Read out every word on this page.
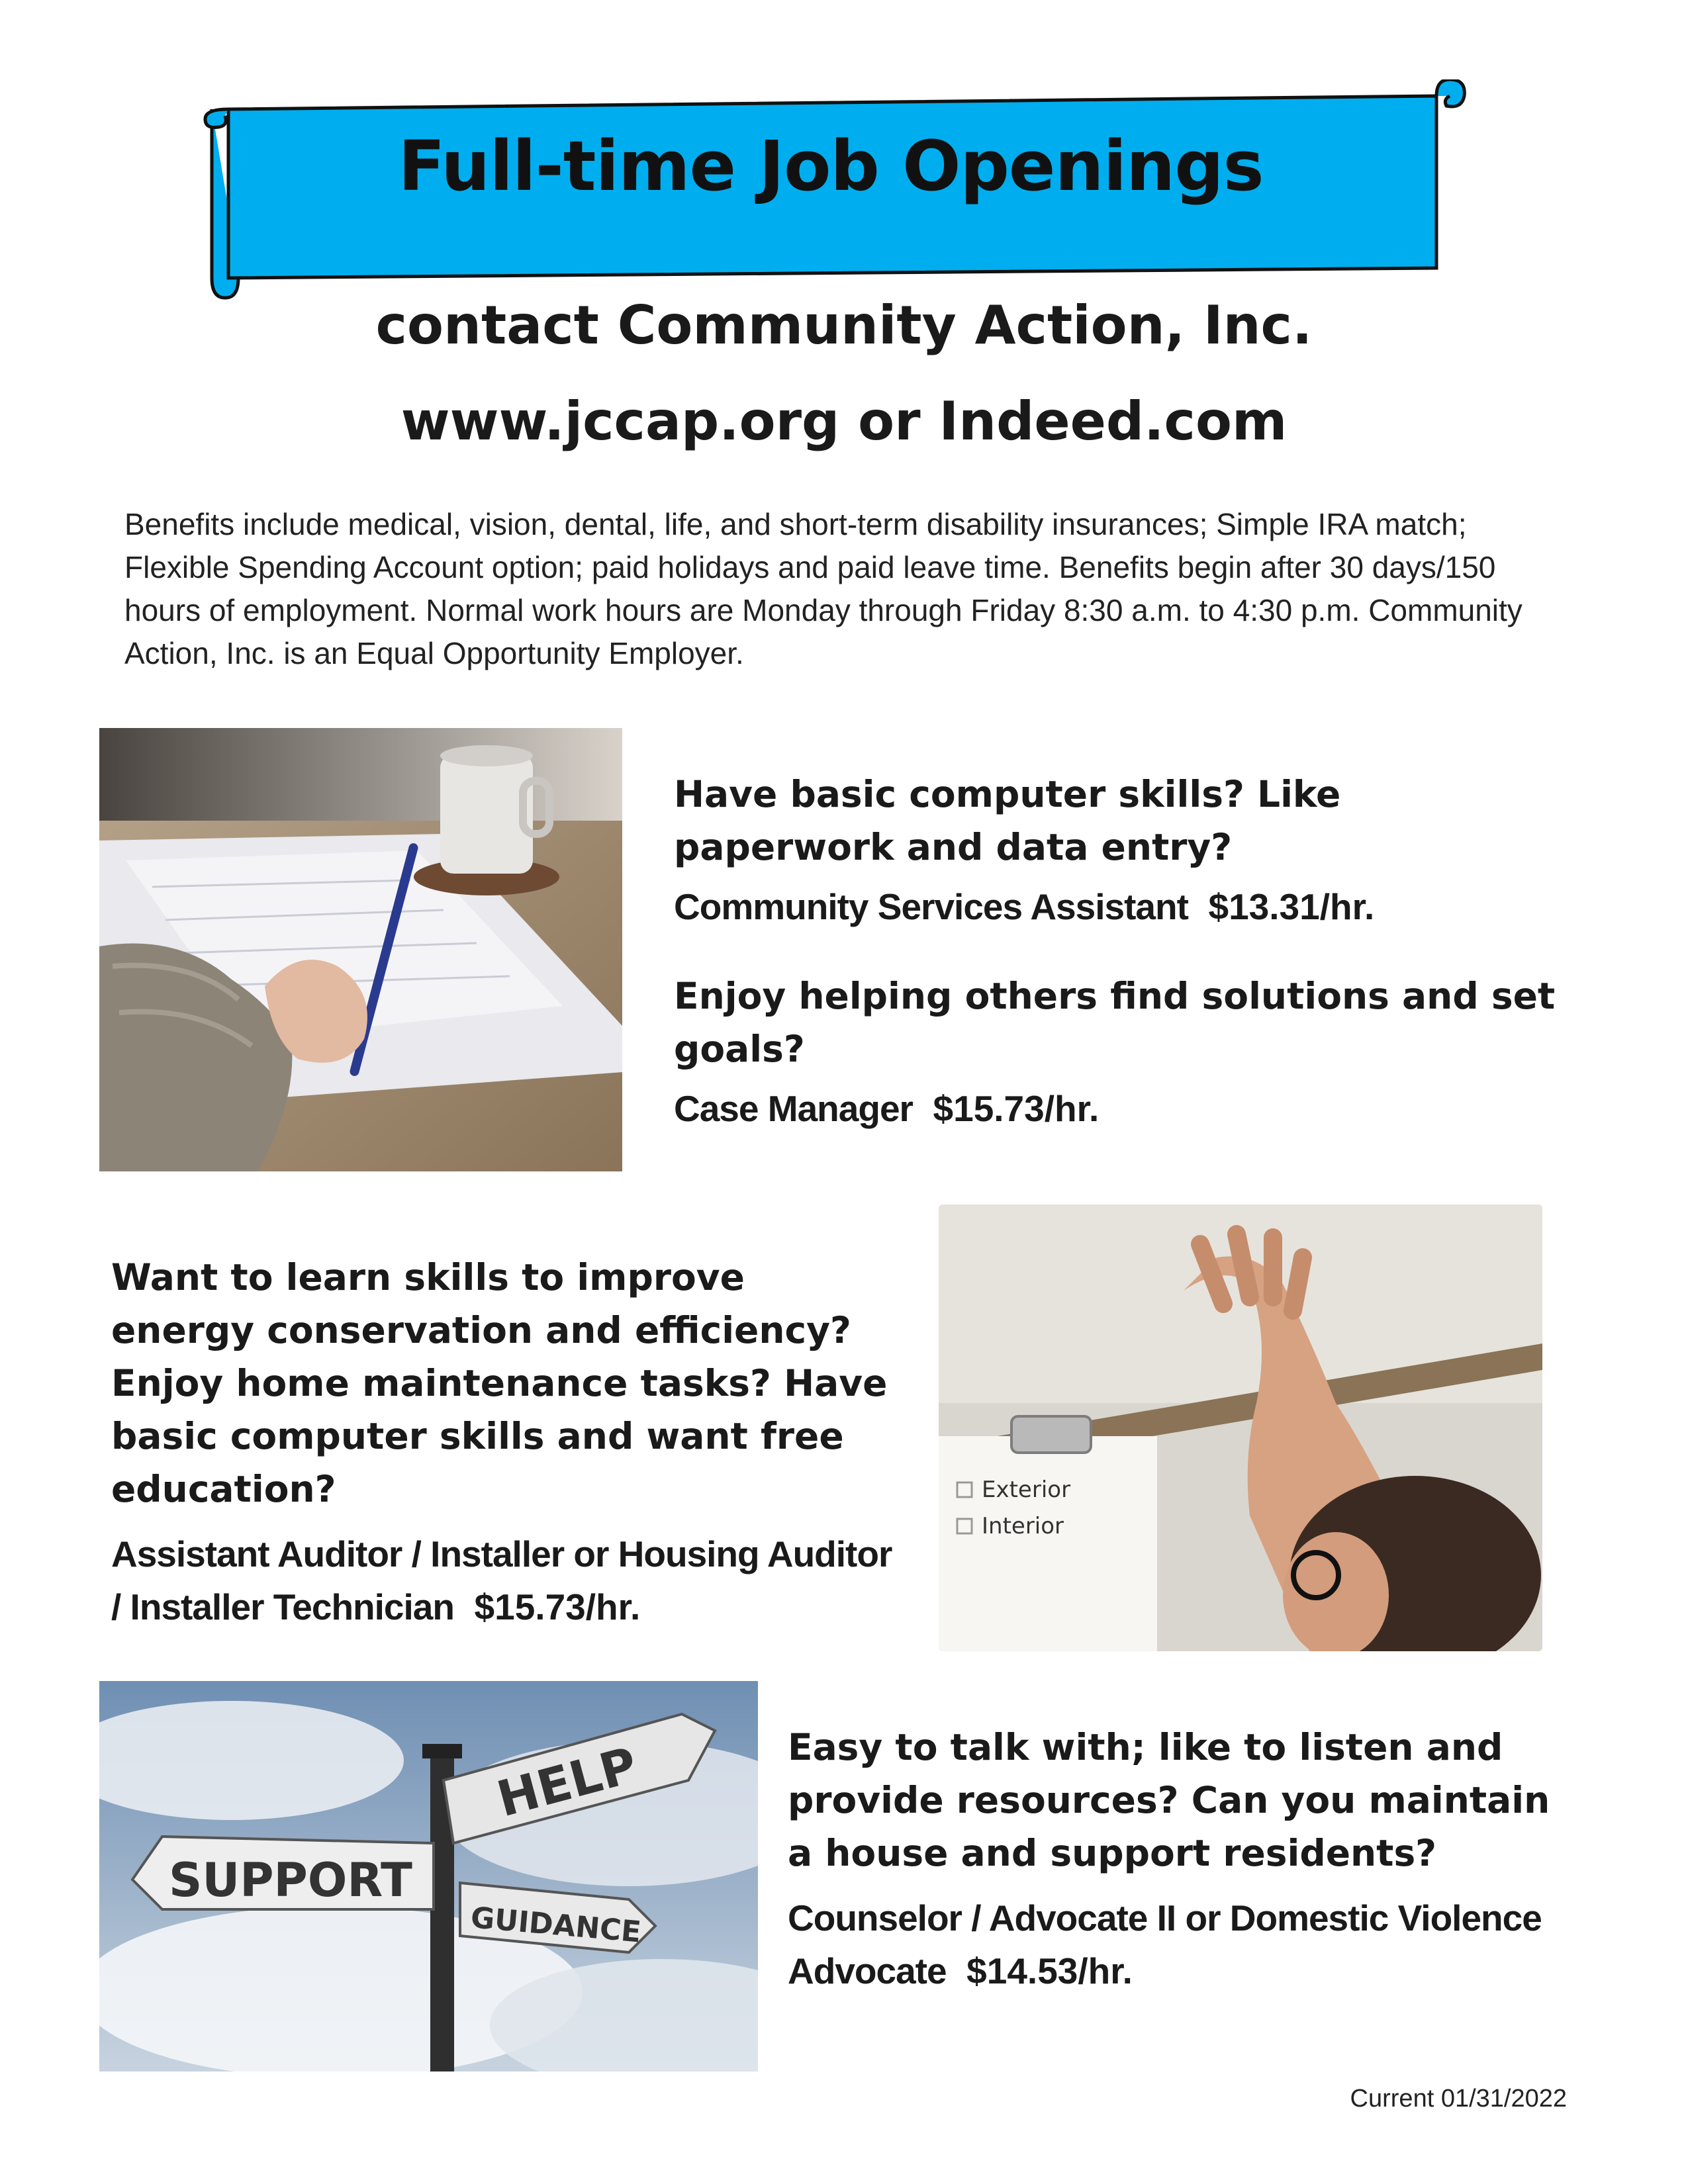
Full-time Job Openings
contact Community Action, Inc.
www.jccap.org or Indeed.com
Benefits include medical, vision, dental, life, and short-term disability insurances; Simple IRA match; Flexible Spending Account option; paid holidays and paid leave time. Benefits begin after 30 days/150 hours of employment. Normal work hours are Monday through Friday 8:30 a.m. to 4:30 p.m. Community Action, Inc. is an Equal Opportunity Employer.
Have basic computer skills? Like paperwork and data entry?
Community Services Assistant $13.31/hr.
Enjoy helping others find solutions and set goals?
Case Manager $15.73/hr.
Want to learn skills to improve energy conservation and efficiency? Enjoy home maintenance tasks? Have basic computer skills and want free education?
Assistant Auditor / Installer or Housing Auditor / Installer Technician $15.73/hr.
Exterior
Interior
HELP
SUPPORT
GUIDANCE
Easy to talk with; like to listen and provide resources? Can you maintain a house and support residents?
Counselor / Advocate II or Domestic Violence Advocate $14.53/hr.
Current 01/31/2022
